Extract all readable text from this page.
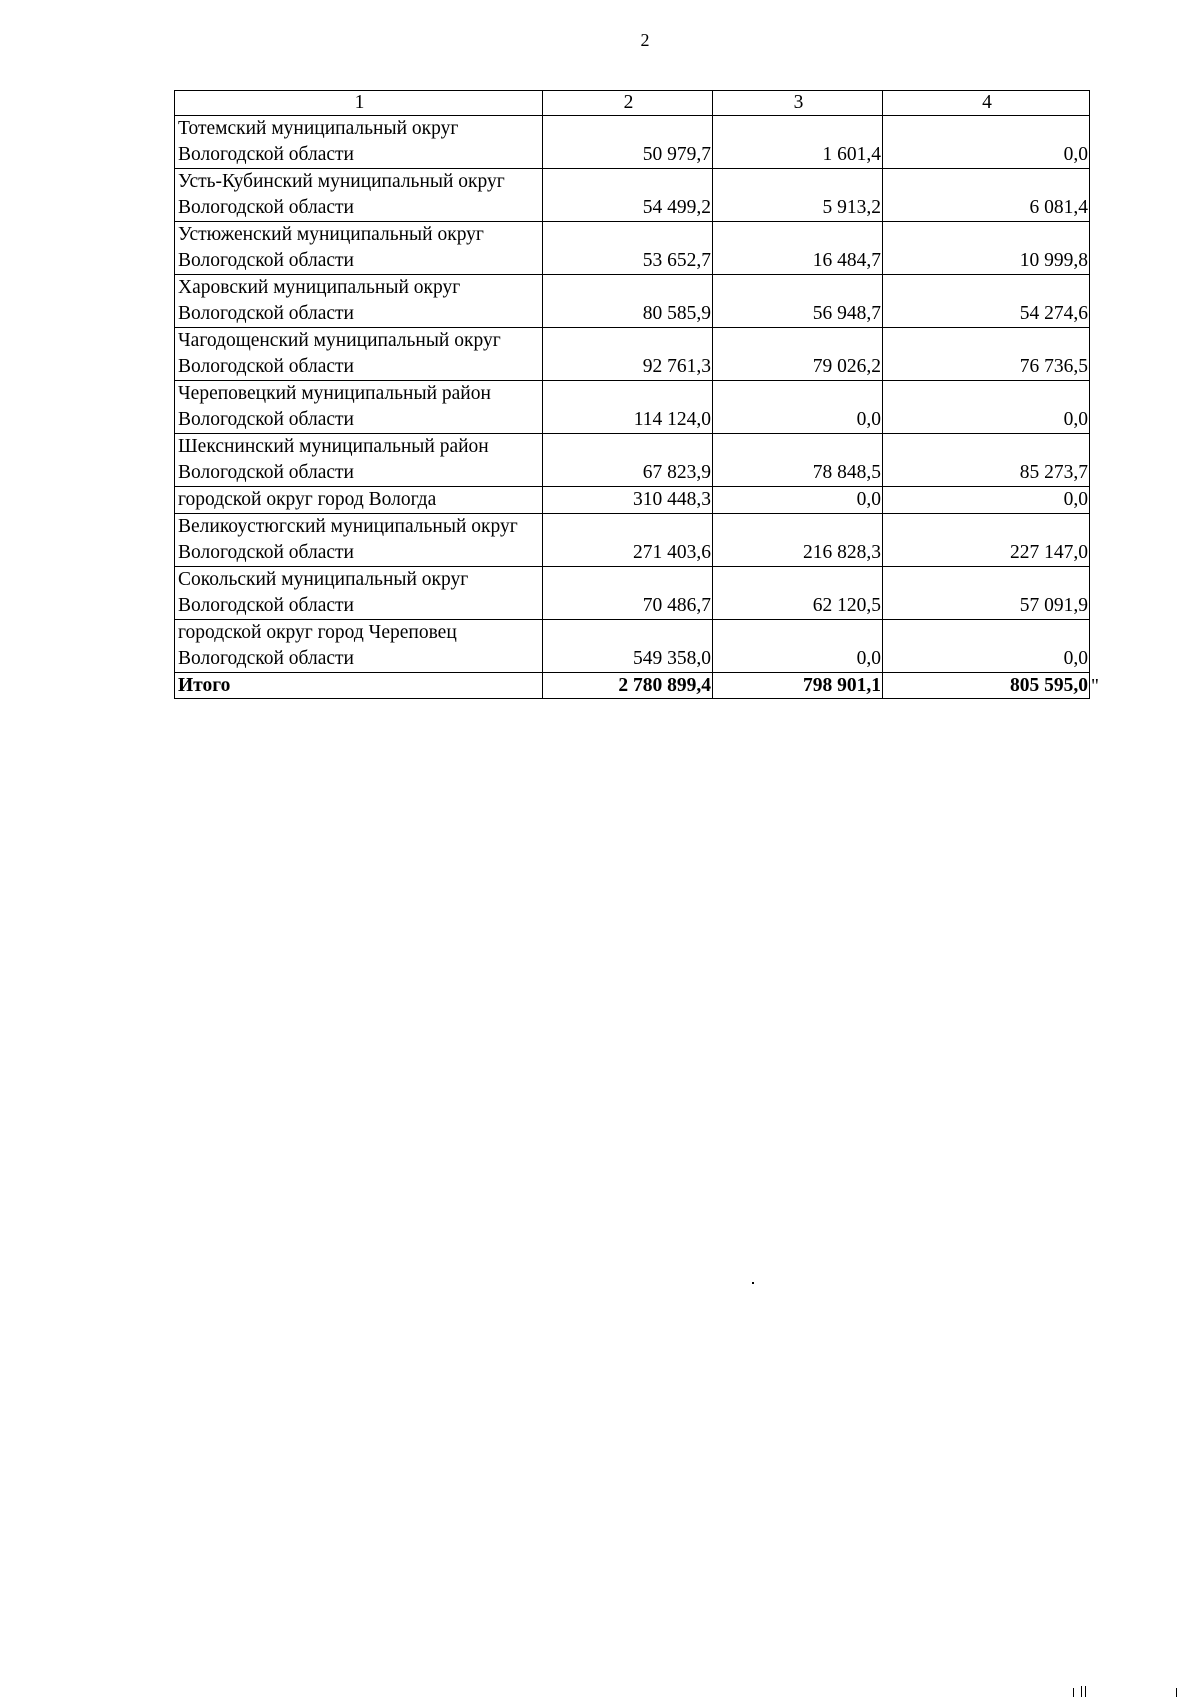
2
1	2	3	4
Тотемский муниципальный округ Вологодской области	50 979,7	1 601,4	0,0
Усть-Кубинский муниципальный округ Вологодской области	54 499,2	5 913,2	6 081,4
Устюженский муниципальный округ Вологодской области	53 652,7	16 484,7	10 999,8
Харовский муниципальный округ Вологодской области	80 585,9	56 948,7	54 274,6
Чагодощенский муниципальный округ Вологодской области	92 761,3	79 026,2	76 736,5
Череповецкий муниципальный район Вологодской области	114 124,0	0,0	0,0
Шекснинский муниципальный район Вологодской области	67 823,9	78 848,5	85 273,7
городской округ город Вологда	310 448,3	0,0	0,0
Великоустюгский муниципальный округ Вологодской области	271 403,6	216 828,3	227 147,0
Сокольский муниципальный округ Вологодской области	70 486,7	62 120,5	57 091,9
городской округ город Череповец Вологодской области	549 358,0	0,0	0,0
Итого	2 780 899,4	798 901,1	805 595,0 "
